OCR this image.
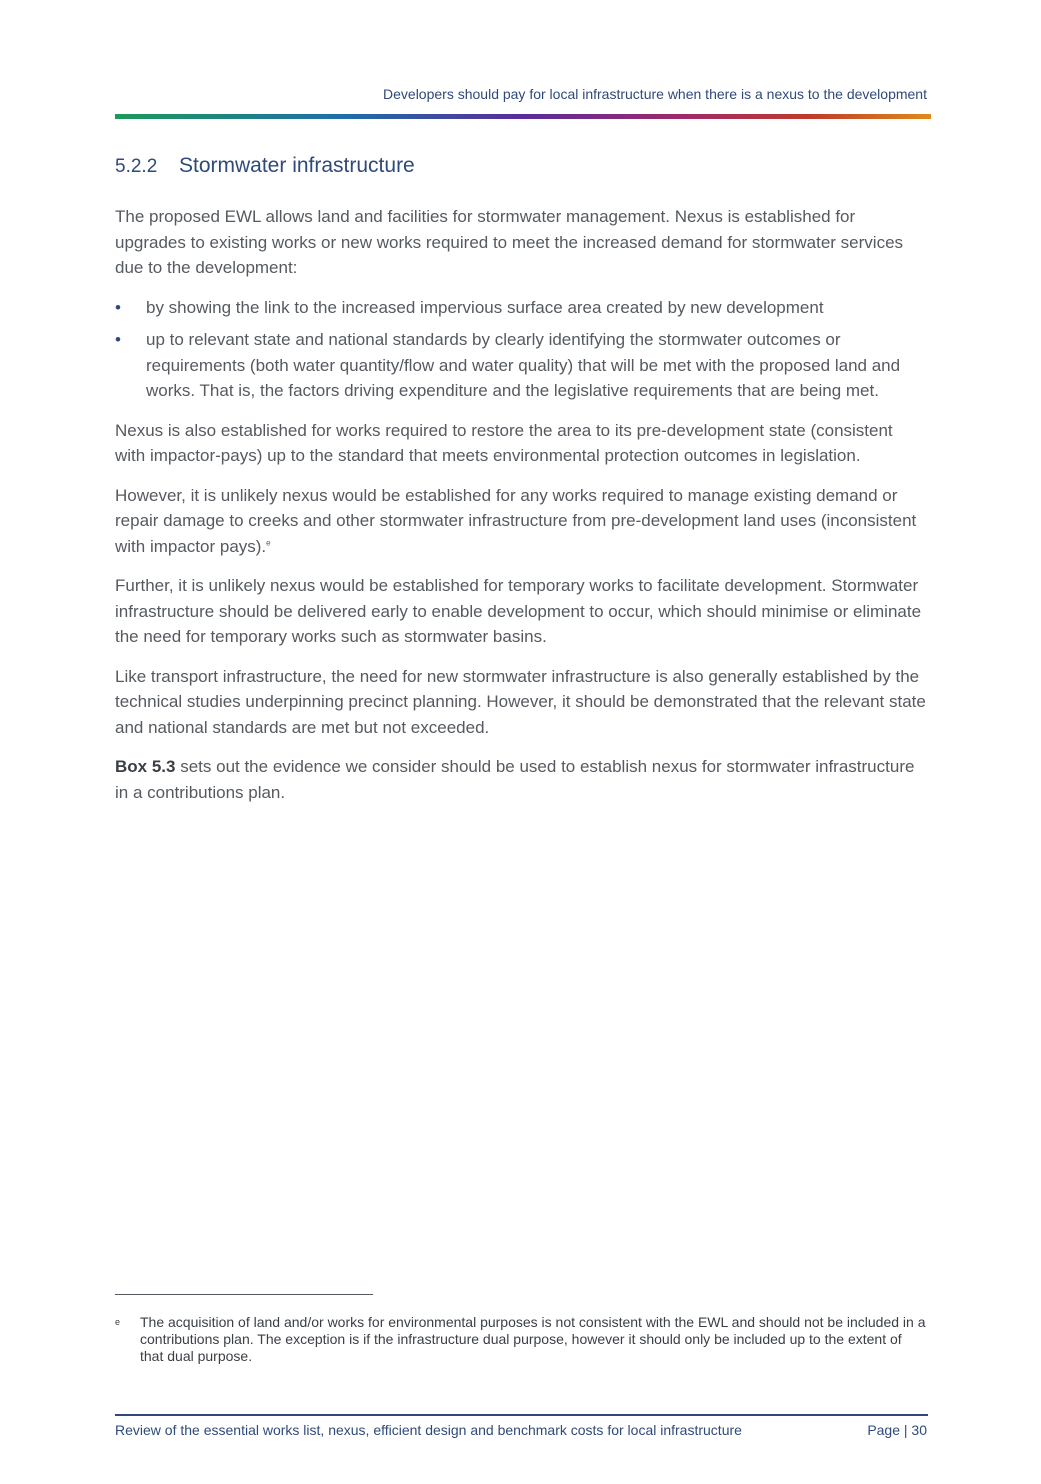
Developers should pay for local infrastructure when there is a nexus to the development
5.2.2 Stormwater infrastructure

The proposed EWL allows land and facilities for stormwater management. Nexus is established for upgrades to existing works or new works required to meet the increased demand for stormwater services due to the development:

• by showing the link to the increased impervious surface area created by new development
• up to relevant state and national standards by clearly identifying the stormwater outcomes or requirements (both water quantity/flow and water quality) that will be met with the proposed land and works. That is, the factors driving expenditure and the legislative requirements that are being met.

Nexus is also established for works required to restore the area to its pre-development state (consistent with impactor-pays) up to the standard that meets environmental protection outcomes in legislation.

However, it is unlikely nexus would be established for any works required to manage existing demand or repair damage to creeks and other stormwater infrastructure from pre-development land uses (inconsistent with impactor pays).$^e$

Further, it is unlikely nexus would be established for temporary works to facilitate development. Stormwater infrastructure should be delivered early to enable development to occur, which should minimise or eliminate the need for temporary works such as stormwater basins.

Like transport infrastructure, the need for new stormwater infrastructure is also generally established by the technical studies underpinning precinct planning. However, it should be demonstrated that the relevant state and national standards are met but not exceeded.

Box 5.3 sets out the evidence we consider should be used to establish nexus for stormwater infrastructure in a contributions plan.

e The acquisition of land and/or works for environmental purposes is not consistent with the EWL and should not be included in a contributions plan. The exception is if the infrastructure dual purpose, however it should only be included up to the extent of that dual purpose.
Review of the essential works list, nexus, efficient design and benchmark costs for local infrastructure	Page | 30
